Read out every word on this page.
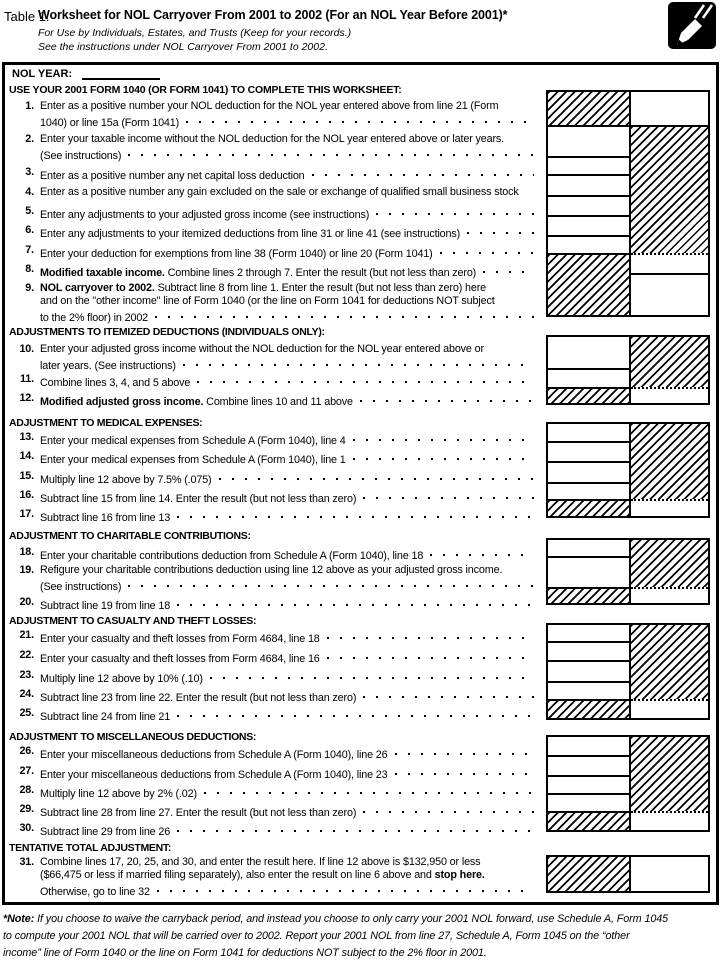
Table 1.
Worksheet for NOL Carryover From 2001 to 2002 (For an NOL Year Before 2001)*
For Use by Individuals, Estates, and Trusts (Keep for your records.)
See the instructions under NOL Carryover From 2001 to 2002.
NOL YEAR:
USE YOUR 2001 FORM 1040 (OR FORM 1041) TO COMPLETE THIS WORKSHEET:
1. Enter as a positive number your NOL deduction for the NOL year entered above from line 21 (Form
1040) or line 15a (Form 1041)
2. Enter your taxable income without the NOL deduction for the NOL year entered above or later years.
(See instructions)
3. Enter as a positive number any net capital loss deduction
4. Enter as a positive number any gain excluded on the sale or exchange of qualified small business stock
5. Enter any adjustments to your adjusted gross income (see instructions)
6. Enter any adjustments to your itemized deductions from line 31 or line 41 (see instructions)
7. Enter your deduction for exemptions from line 38 (Form 1040) or line 20 (Form 1041)
8. Modified taxable income. Combine lines 2 through 7. Enter the result (but not less than zero)
9. NOL carryover to 2002. Subtract line 8 from line 1. Enter the result (but not less than zero) here
and on the "other income" line of Form 1040 (or the line on Form 1041 for deductions NOT subject
to the 2% floor) in 2002
ADJUSTMENTS TO ITEMIZED DEDUCTIONS (INDIVIDUALS ONLY):
10. Enter your adjusted gross income without the NOL deduction for the NOL year entered above or
later years. (See instructions)
11. Combine lines 3, 4, and 5 above
12. Modified adjusted gross income. Combine lines 10 and 11 above
ADJUSTMENT TO MEDICAL EXPENSES:
13. Enter your medical expenses from Schedule A (Form 1040), line 4
14. Enter your medical expenses from Schedule A (Form 1040), line 1
15. Multiply line 12 above by 7.5% (.075)
16. Subtract line 15 from line 14. Enter the result (but not less than zero)
17. Subtract line 16 from line 13
ADJUSTMENT TO CHARITABLE CONTRIBUTIONS:
18. Enter your charitable contributions deduction from Schedule A (Form 1040), line 18
19. Refigure your charitable contributions deduction using line 12 above as your adjusted gross income.
(See instructions)
20. Subtract line 19 from line 18
ADJUSTMENT TO CASUALTY AND THEFT LOSSES:
21. Enter your casualty and theft losses from Form 4684, line 18
22. Enter your casualty and theft losses from Form 4684, line 16
23. Multiply line 12 above by 10% (.10)
24. Subtract line 23 from line 22. Enter the result (but not less than zero)
25. Subtract line 24 from line 21
ADJUSTMENT TO MISCELLANEOUS DEDUCTIONS:
26. Enter your miscellaneous deductions from Schedule A (Form 1040), line 26
27. Enter your miscellaneous deductions from Schedule A (Form 1040), line 23
28. Multiply line 12 above by 2% (.02)
29. Subtract line 28 from line 27. Enter the result (but not less than zero)
30. Subtract line 29 from line 26
TENTATIVE TOTAL ADJUSTMENT:
31. Combine lines 17, 20, 25, and 30, and enter the result here. If line 12 above is $132,950 or less
($66,475 or less if married filing separately), also enter the result on line 6 above and stop here.
Otherwise, go to line 32
*Note: If you choose to waive the carryback period, and instead you choose to only carry your 2001 NOL forward, use Schedule A, Form 1045
to compute your 2001 NOL that will be carried over to 2002. Report your 2001 NOL from line 27, Schedule A, Form 1045 on the “other
income” line of Form 1040 or the line on Form 1041 for deductions NOT subject to the 2% floor in 2001.
